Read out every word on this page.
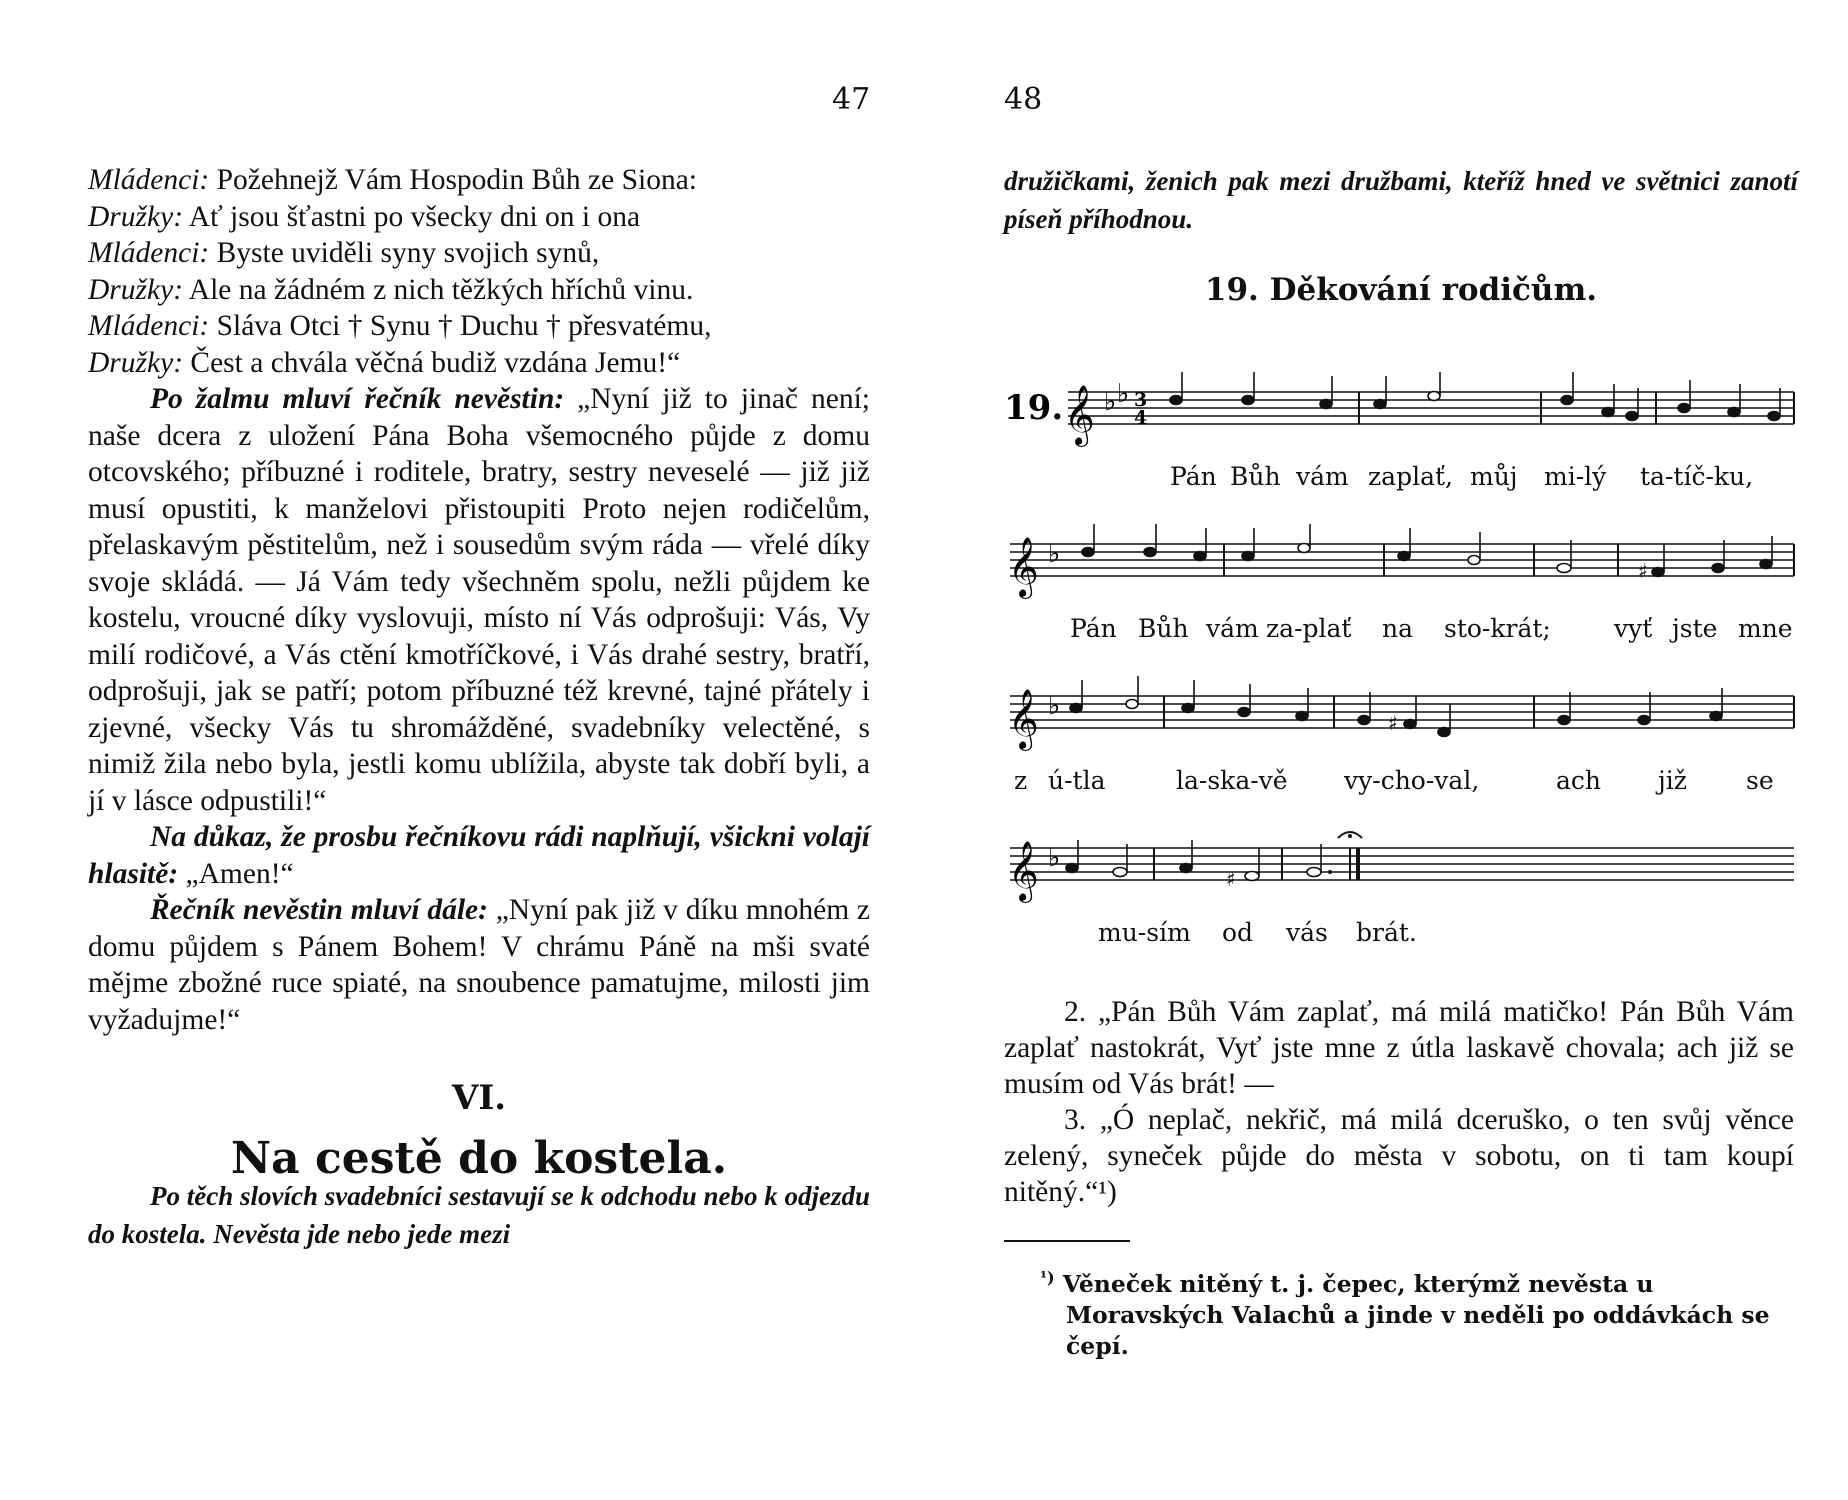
47	48

Mládenci: Požehnejž Vám Hospodin Bůh ze Siona:

Družky: Ať jsou šťastni po všecky dni on i ona

Mládenci: Byste uviděli syny svojich synů,

Družky: Ale na žádném z nich těžkých hříchů vinu.

Mládenci: Sláva Otci † Synu † Duchu † přesvatému,

Družky: Čest a chvála věčná budiž vzdána Jemu!“

Po žalmu mluví řečník nevěstin: „Nyní již to jinač není; naše dcera z uložení Pána Boha všemocného půjde z domu otcovského; příbuzné i roditele, bratry, sestry neveselé — již již musí opustiti, k manželovi přistoupiti Proto nejen rodičelům, přelaskavým pěstitelům, než i sousedům svým ráda — vřelé díky svoje skládá. — Já Vám tedy všechněm spolu, nežli půjdem ke kostelu, vroucné díky vyslovuji, místo ní Vás odprošuji: Vás, Vy milí rodičové, a Vás ctění kmotříčkové, i Vás drahé sestry, bratří, odprošuji, jak se patří; potom příbuzné též krevné, tajné přátely i zjevné, všecky Vás tu shromážděné, svadebníky velectěné, s nimiž žila nebo byla, jestli komu ublížila, abyste tak dobří byli, a jí v lásce odpustili!“

Na důkaz, že prosbu řečníkovu rádi naplňují, všickni volají hlasitě: „Amen!“

Řečník nevěstin mluví dále: „Nyní pak již v díku mnohém z domu půjdem s Pánem Bohem! V chrámu Páně na mši svaté mějme zbožné ruce spiaté, na snoubence pamatujme, milosti jim vyžadujme!“

VI.
Na cestě do kostela.

Po těch slovích svadebníci sestavují se k odchodu nebo k odjezdu do kostela. Nevěsta jde nebo jede mezi

družičkami, ženich pak mezi družbami, kteříž hned ve světnici zanotí píseň příhodnou.

19. Děkování rodičům.
19. 𝄞 ♭ ♭ 3
4
Pán Bůh vám zaplať, můj mi-lý ta-tíč-ku,
𝄞 ♭
♯
Pán Bůh vám za-plať na sto-krát;	vyť jste mne
𝄞 ♭
♯
z ú-tla	la-ska-vě vy-cho-val,	ach již se
𝄞 ♭
♯
mu-sím od vás brát.

2. „Pán Bůh Vám zaplať, má milá matičko! Pán Bůh Vám zaplať nastokrát, Vyť jste mne z útla laskavě chovala; ach již se musím od Vás brát! —

3. „Ó neplač, nekřič, má milá dceruško, o ten svůj věnce zelený, syneček půjde do města v sobotu, on ti tam koupí nitěný.“¹)

$^{^1)}$ Věneček nitěný t. j. čepec, kterýmž nevěsta u Moravských Valachů a jinde v neděli po oddávkách se čepí.
